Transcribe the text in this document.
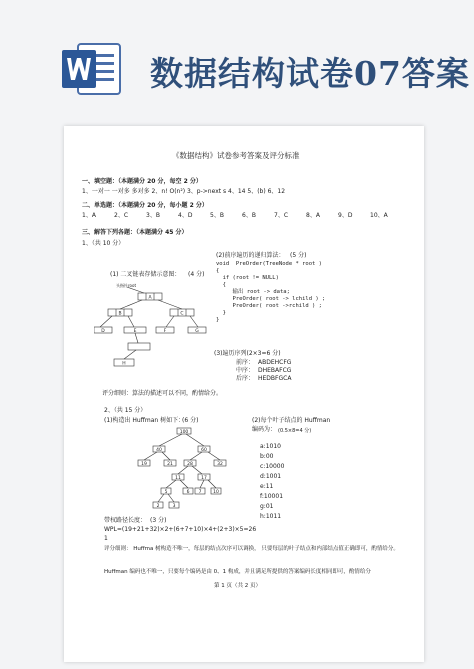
数据结构试卷07答案
《数据结构》试卷参考答案及评分标准
一、填空题：（本题满分 20 分，每空 2 分）
1、一对一 一对多 多对多 2、n! O(n²) 3、p->next s 4、14 5、(b) 6、12
二、单选题：（本题满分 20 分，每小题 2 分）
1、A	2、C	3、B	4、D	5、B	6、B	7、C	8、A	9、D	10、A
三、解答下列各题：（本题满分 45 分）
1、（共 10 分）
(1) 二叉链表存储示意图： (4 分)
头指针root
A
B	C
D	E	F	G
H
(2)前序遍历的递归算法： (5 分)
void  PreOrder(TreeNode * root )
{
if (root != NULL)
{
输出 root -> data;
PreOrder( root -> lchild ) ;
PreOrder( root ->rchild ) ;
}
}
(3)遍历序列(2×3=6 分)
前序： ABDEHCFG
中序： DHEBAFCG
后序： HEDBFGCA
评分细则：算法的描述可以不同，酌情给分。
2、（共 15 分）
(1)构造出 Huffman 树如下：
(6 分)	(2)每个叶子结点的 Huffman
编码为： (0.5×8=4 分)
a:1010
b:00
c:10000
d:1001
e:11
f:10001
g:01
h:1011
100
40	60
19	21	28	32
11	17
5	6 7	10
2	3
带权路径长度： (3 分)
WPL=(19+21+32)×2+(6+7+10)×4+(2+3)×5=26
1
评分细则： Huffma 树构造不唯一，每层的结点次序可以调换， 只要每层的叶子结点和内部结点值正确即可，酌情给分。
Huffman 编码也不唯一，只要每个编码是由 0、1 构成，并且满足所提供的答案编码长度相同即可，酌情给分
第 1 页（共 2 页）
